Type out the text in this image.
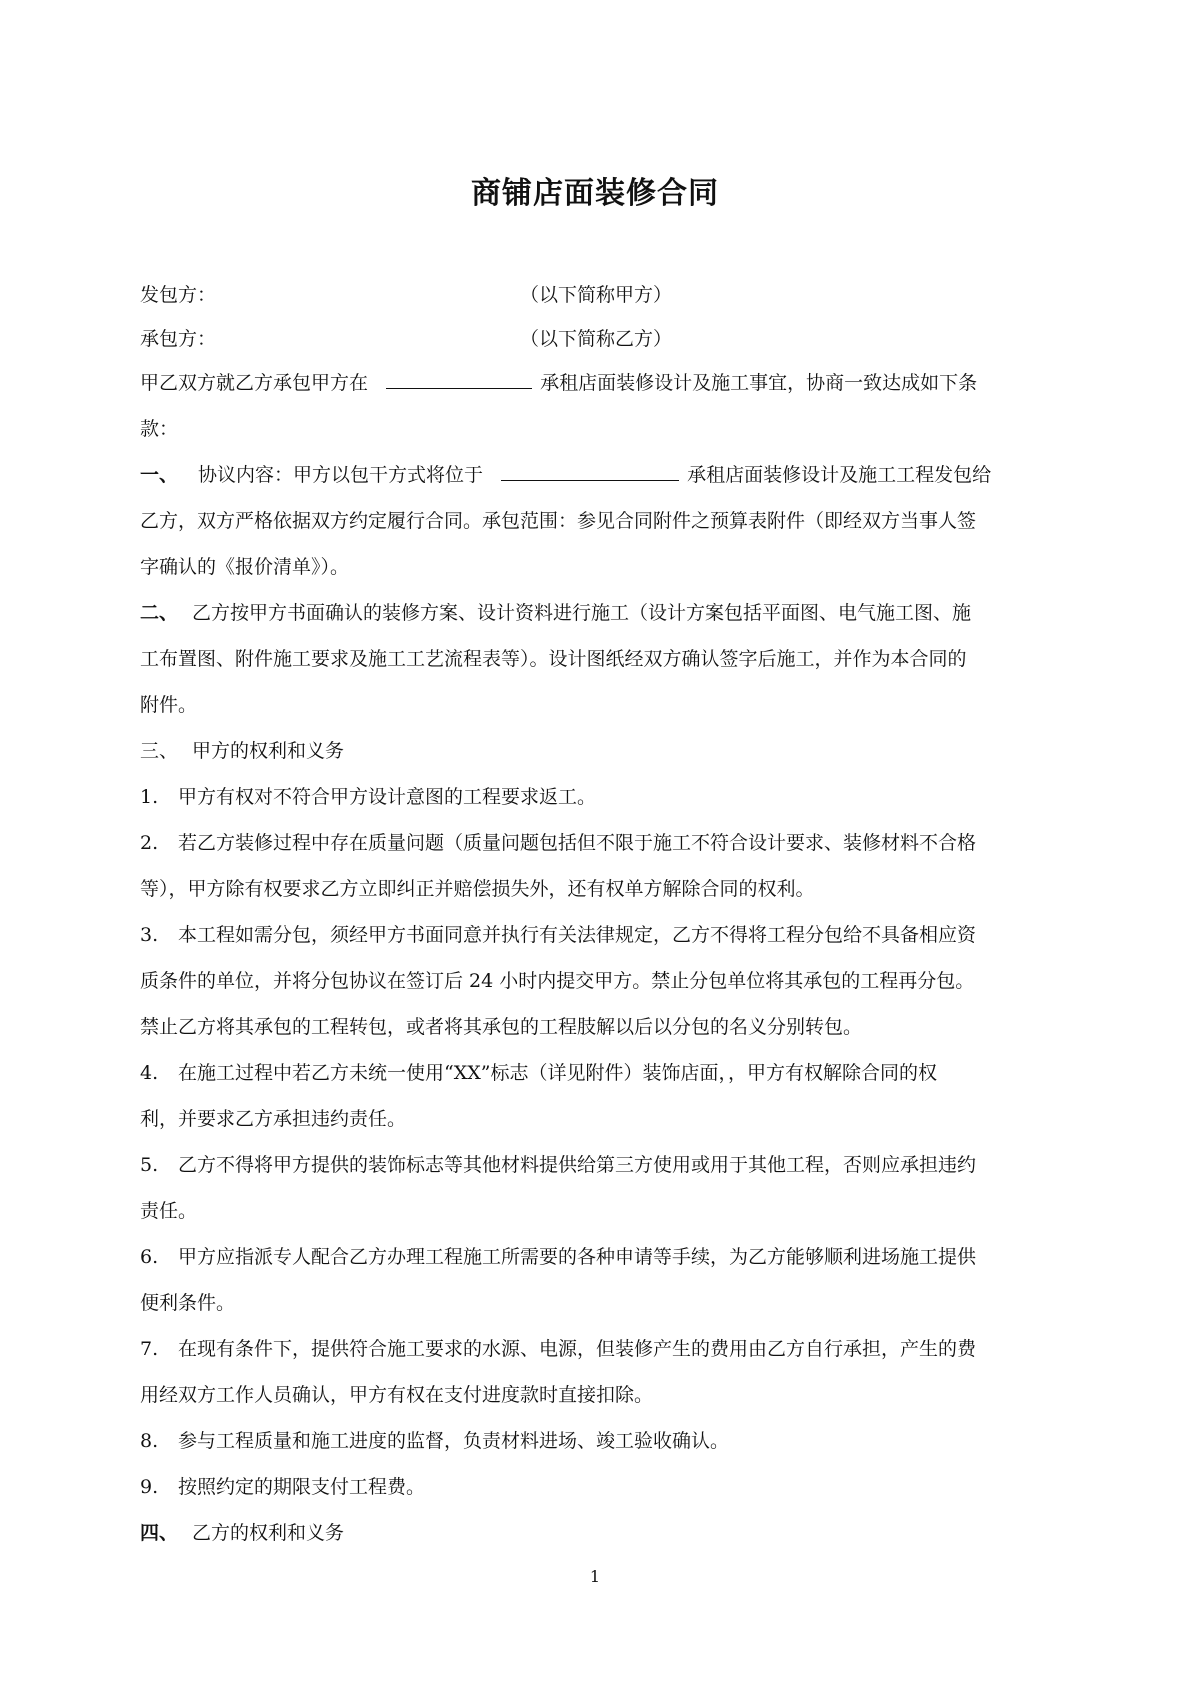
商铺店面装修合同
发包方：	（以下简称甲方）
承包方：	（以下简称乙方）
甲乙双方就乙方承包甲方在	承租店面装修设计及施工事宜，协商一致达成如下条
款：
一、 协议内容：甲方以包干方式将位于	承租店面装修设计及施工工程发包给
乙方，双方严格依据双方约定履行合同。承包范围：参见合同附件之预算表附件（即经双方当事人签
字确认的《报价清单》）。
二、 乙方按甲方书面确认的装修方案、设计资料进行施工（设计方案包括平面图、电气施工图、施
工布置图、附件施工要求及施工工艺流程表等）。设计图纸经双方确认签字后施工，并作为本合同的
附件。
三、 甲方的权利和义务
1. 甲方有权对不符合甲方设计意图的工程要求返工。
2. 若乙方装修过程中存在质量问题（质量问题包括但不限于施工不符合设计要求、装修材料不合格
等），甲方除有权要求乙方立即纠正并赔偿损失外，还有权单方解除合同的权利。
3. 本工程如需分包，须经甲方书面同意并执行有关法律规定，乙方不得将工程分包给不具备相应资
质条件的单位，并将分包协议在签订后 24 小时内提交甲方。禁止分包单位将其承包的工程再分包。
禁止乙方将其承包的工程转包，或者将其承包的工程肢解以后以分包的名义分别转包。
4. 在施工过程中若乙方未统一使用“XX”标志（详见附件）装饰店面，，甲方有权解除合同的权
利，并要求乙方承担违约责任。
5. 乙方不得将甲方提供的装饰标志等其他材料提供给第三方使用或用于其他工程，否则应承担违约
责任。
6. 甲方应指派专人配合乙方办理工程施工所需要的各种申请等手续，为乙方能够顺利进场施工提供
便利条件。
7. 在现有条件下，提供符合施工要求的水源、电源，但装修产生的费用由乙方自行承担，产生的费
用经双方工作人员确认，甲方有权在支付进度款时直接扣除。
8. 参与工程质量和施工进度的监督，负责材料进场、竣工验收确认。
9. 按照约定的期限支付工程费。
四、 乙方的权利和义务
1
